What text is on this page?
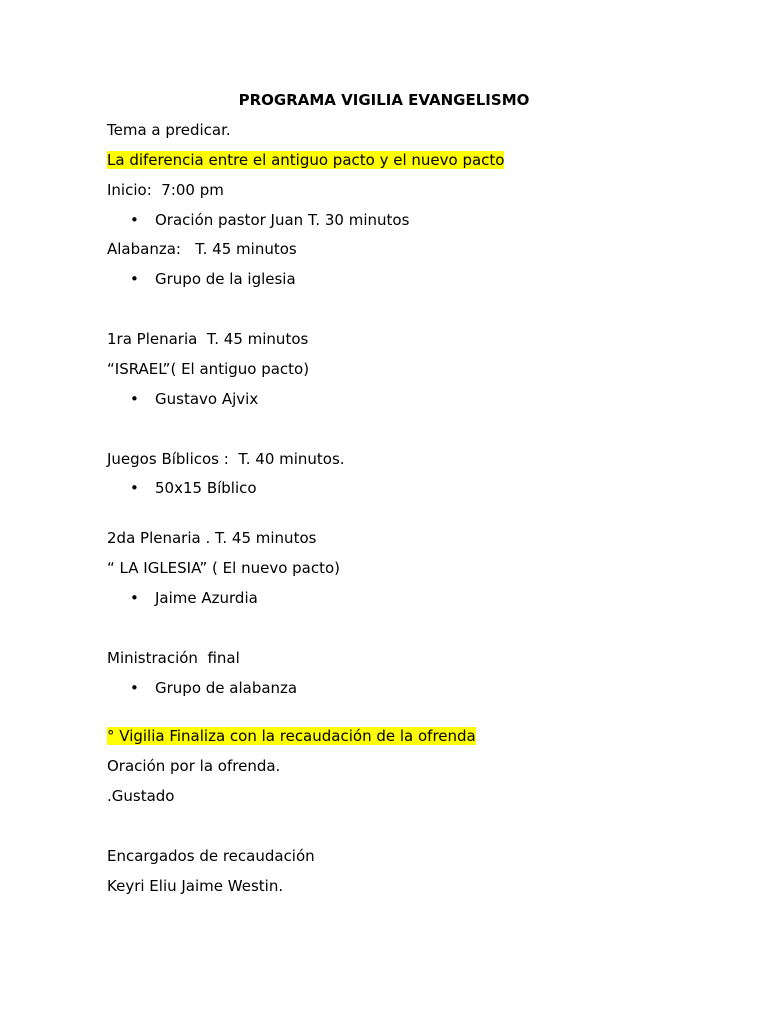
PROGRAMA VIGILIA EVANGELISMO
Tema a predicar.
La diferencia entre el antiguo pacto y el nuevo pacto
Inicio:  7:00 pm
• Oración pastor Juan T. 30 minutos
Alabanza:   T. 45 minutos
• Grupo de la iglesia
1ra Plenaria  T. 45 minutos
“ISRAEL”( El antiguo pacto)
• Gustavo Ajvix
Juegos Bíblicos :  T. 40 minutos.
• 50x15 Bíblico
2da Plenaria . T. 45 minutos
“ LA IGLESIA” ( El nuevo pacto)
• Jaime Azurdia
Ministración  final
• Grupo de alabanza
° Vigilia Finaliza con la recaudación de la ofrenda
Oración por la ofrenda.
.Gustado
Encargados de recaudación
Keyri Eliu Jaime Westin.
